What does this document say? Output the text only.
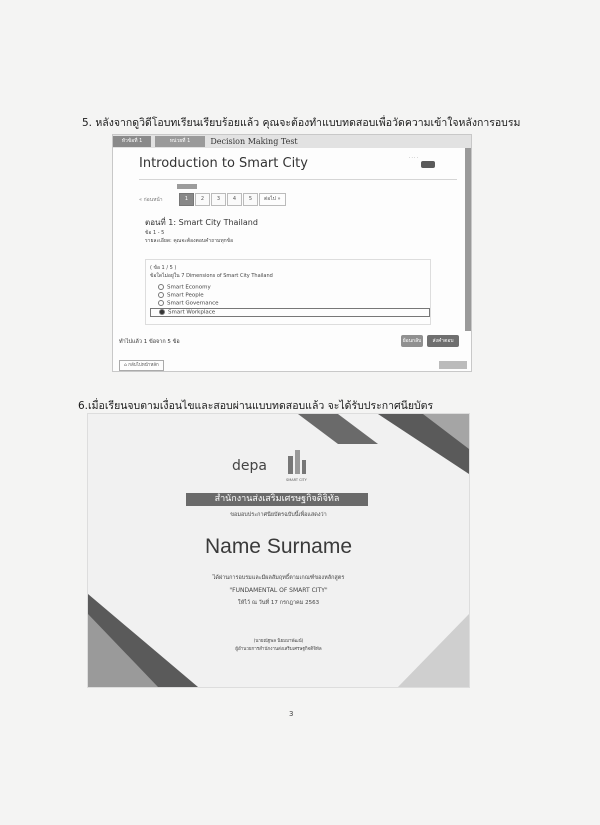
5. หลังจากดูวิดีโอบทเรียนเรียบร้อยแล้ว คุณจะต้องทำแบบทดสอบเพื่อวัดความเข้าใจหลังการอบรม
หัวข้อที่ 1	หน่วยที่ 1	Decision Making Test
Introduction to Smart City	· · · ·
« ก่อนหน้า	1	2	3	4	5	ต่อไป »
ตอนที่ 1: Smart City Thailand
ข้อ 1 - 5
รายละเอียด: คุณจะต้องตอบคำถามทุกข้อ
( ข้อ 1 / 5 )
ข้อใดไม่อยู่ใน 7 Dimensions of Smart City Thailand
Smart Economy
Smart People
Smart Governance
Smart Workplace
ทำไปแล้ว 1 ข้อจาก 5 ข้อ	ย้อนกลับ	ส่งคำตอบ
⌂ กลับไปหน้าหลัก
6.เมื่อเรียนจบตามเงื่อนไขและสอบผ่านแบบทดสอบแล้ว จะได้รับประกาศนียบัตร
depa
SMART CITY
สำนักงานส่งเสริมเศรษฐกิจดิจิทัล
ขอมอบประกาศนียบัตรฉบับนี้เพื่อแสดงว่า
Name Surname
ได้ผ่านการอบรมและมีผลสัมฤทธิ์ตามเกณฑ์ของหลักสูตร
"FUNDAMENTAL OF SMART CITY"
ให้ไว้ ณ วันที่ 17 กรกฎาคม 2563
(นายณัฐพล นิยมมาพัฒน์)
ผู้อำนวยการสำนักงานส่งเสริมเศรษฐกิจดิจิทัล
3
